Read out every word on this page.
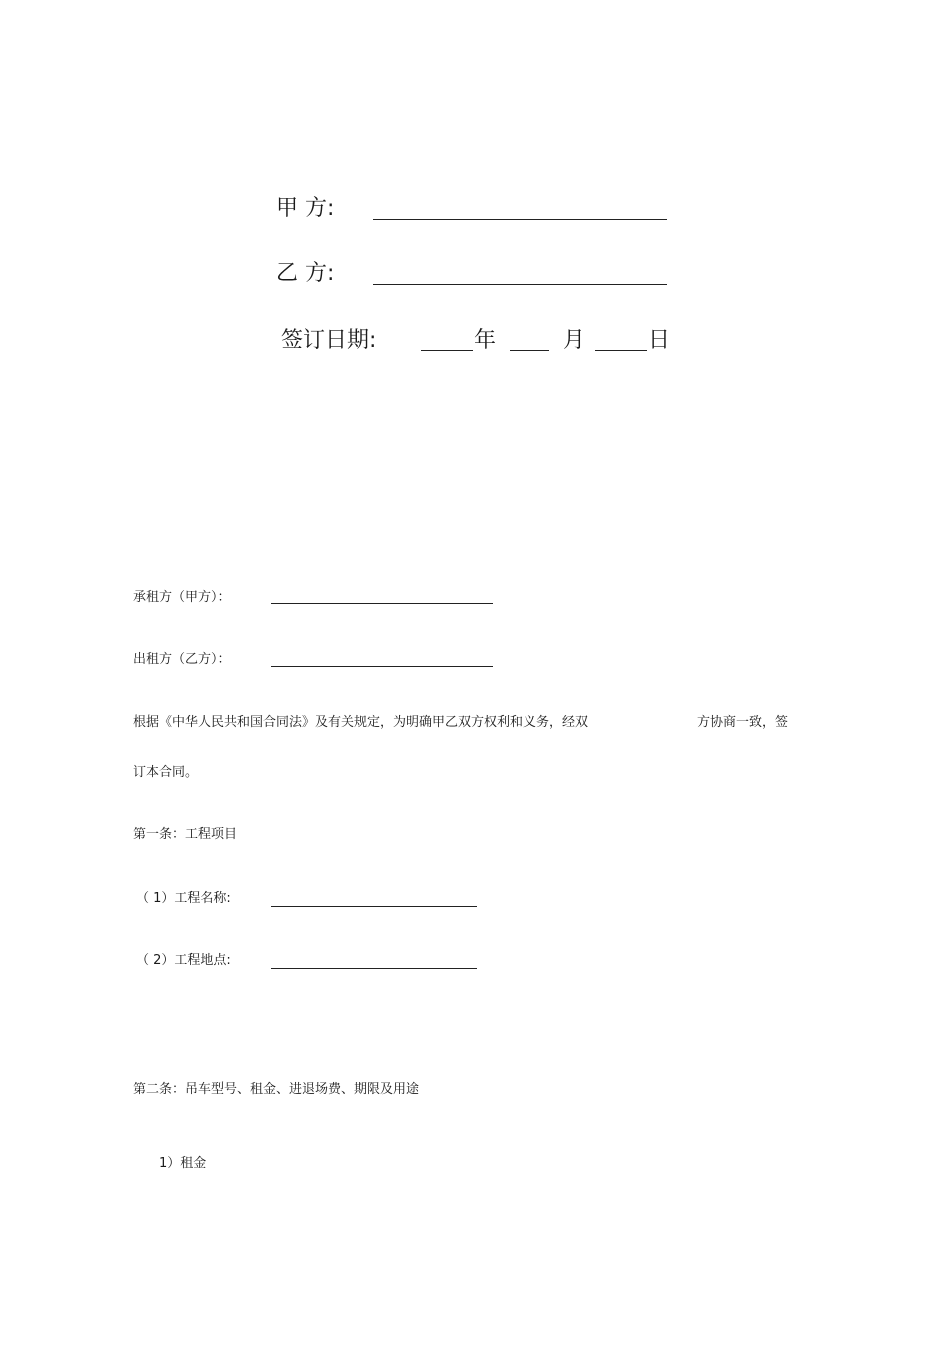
甲 方:
乙 方:
签订日期:	年	月	日
承租方（甲方）：
出租方（乙方）：
根据《中华人民共和国合同法》及有关规定，为明确甲乙双方权利和义务，经双	方协商一致，签
订本合同。
第一条：工程项目
（ 1）工程名称:
（ 2）工程地点:
第二条：吊车型号、租金、进退场费、期限及用途
1）租金
